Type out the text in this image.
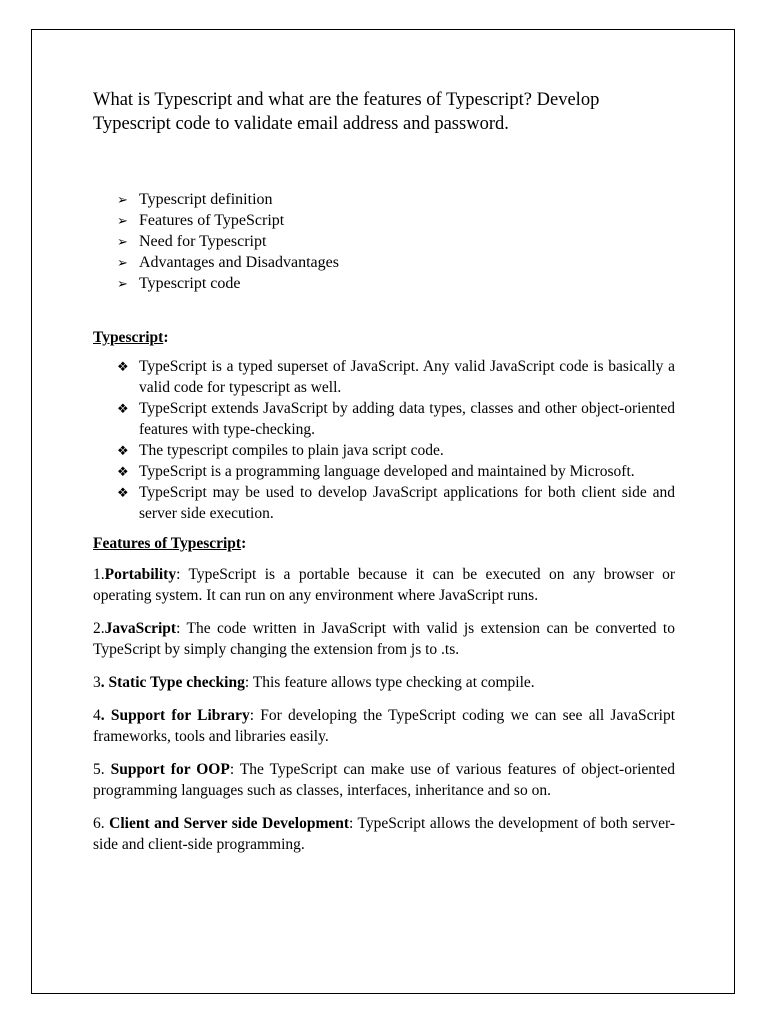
What is Typescript and what are the features of Typescript? Develop Typescript code to validate email address and password.

➢ Typescript definition
➢ Features of TypeScript
➢ Need for Typescript
➢ Advantages and Disadvantages
➢ Typescript code

Typescript:

❖ TypeScript is a typed superset of JavaScript. Any valid JavaScript code is basically a valid code for typescript as well.
❖ TypeScript extends JavaScript by adding data types, classes and other object-oriented features with type-checking.
❖ The typescript compiles to plain java script code.
❖ TypeScript is a programming language developed and maintained by Microsoft.
❖ TypeScript may be used to develop JavaScript applications for both client side and server side execution.

Features of Typescript:

1.Portability: TypeScript is a portable because it can be executed on any browser or operating system. It can run on any environment where JavaScript runs.

2.JavaScript: The code written in JavaScript with valid js extension can be converted to TypeScript by simply changing the extension from js to .ts.

3. Static Type checking: This feature allows type checking at compile.

4. Support for Library: For developing the TypeScript coding we can see all JavaScript frameworks, tools and libraries easily.

5. Support for OOP: The TypeScript can make use of various features of object-oriented programming languages such as classes, interfaces, inheritance and so on.

6. Client and Server side Development: TypeScript allows the development of both server-side and client-side programming.
